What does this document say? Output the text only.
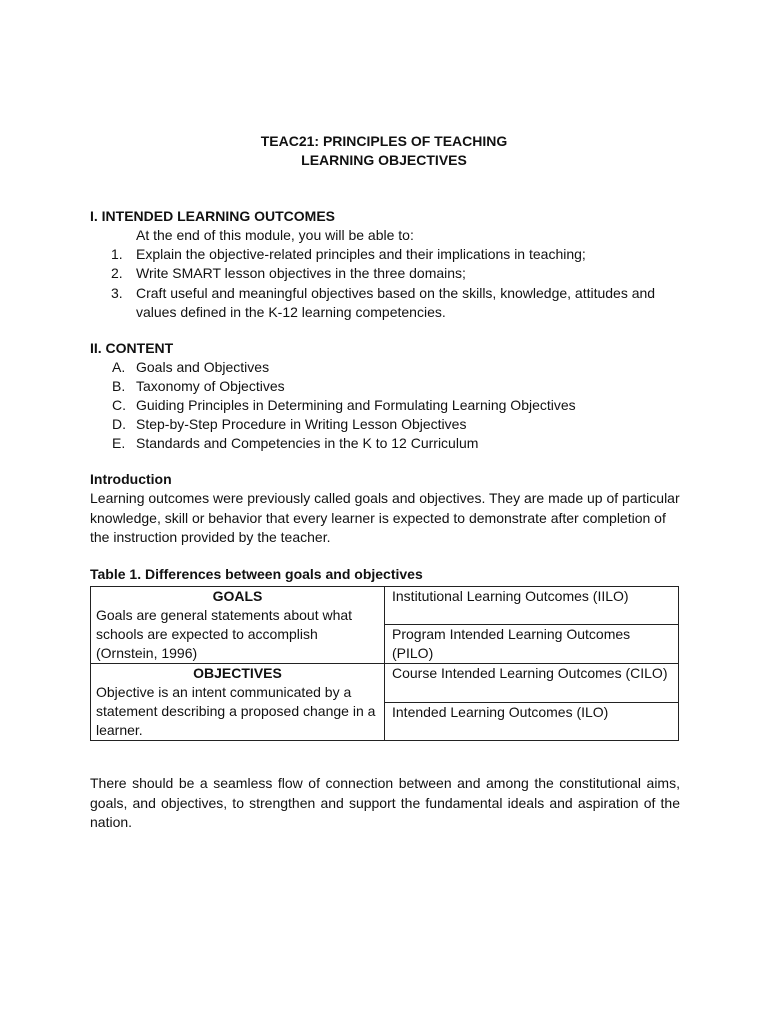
TEAC21: PRINCIPLES OF TEACHING
LEARNING OBJECTIVES
I. INTENDED LEARNING OUTCOMES
At the end of this module, you will be able to:
1. Explain the objective-related principles and their implications in teaching;
2. Write SMART lesson objectives in the three domains;
3. Craft useful and meaningful objectives based on the skills, knowledge, attitudes and
values defined in the K-12 learning competencies.
II. CONTENT
A. Goals and Objectives
B. Taxonomy of Objectives
C. Guiding Principles in Determining and Formulating Learning Objectives
D. Step-by-Step Procedure in Writing Lesson Objectives
E. Standards and Competencies in the K to 12 Curriculum
Introduction
Learning outcomes were previously called goals and objectives. They are made up of particular knowledge, skill or behavior that every learner is expected to demonstrate after completion of the instruction provided by the teacher.
Table 1. Differences between goals and objectives
GOALS
Goals are general statements about what schools are expected to accomplish (Ornstein, 1996)	Institutional Learning Outcomes (IILO)
	Program Intended Learning Outcomes (PILO)

OBJECTIVES
Objective is an intent communicated by a statement describing a proposed change in a learner.	Course Intended Learning Outcomes (CILO)
	Intended Learning Outcomes (ILO)
There should be a seamless flow of connection between and among the constitutional aims, goals, and objectives, to strengthen and support the fundamental ideals and aspiration of the nation.
